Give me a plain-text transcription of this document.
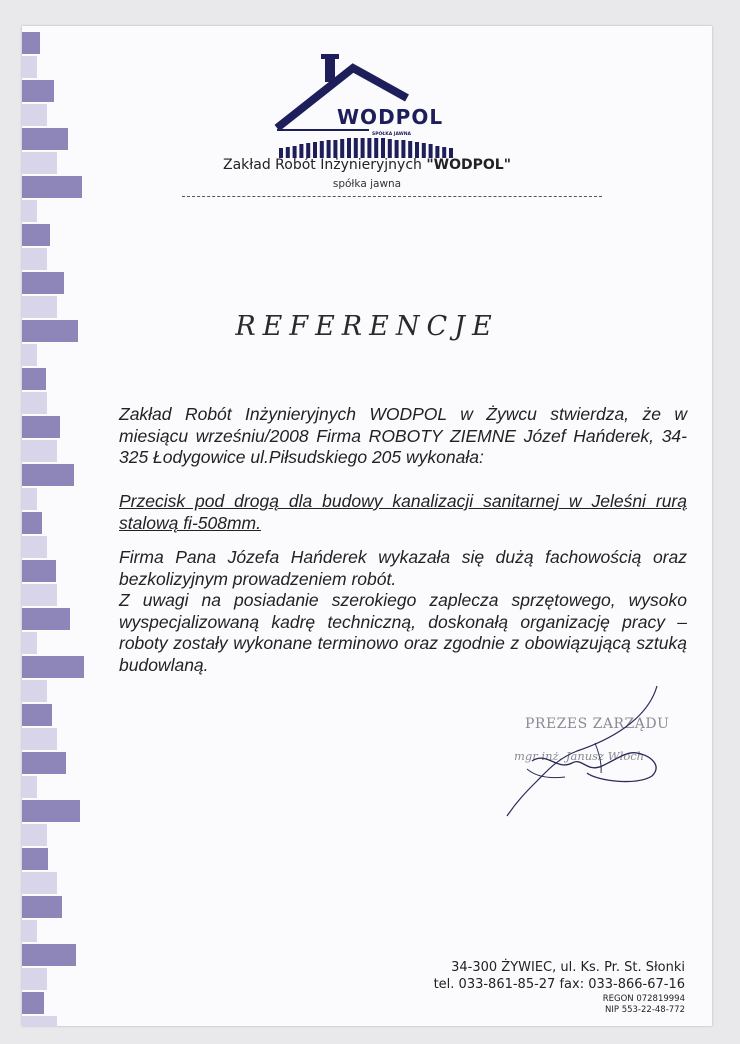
WODPOL
SPÓŁKA JAWNA
Zakład Robót Inżynieryjnych "WODPOL"
spółka jawna
REFERENCJE
Zakład Robót Inżynieryjnych WODPOL w Żywcu stwierdza, że w miesiącu wrześniu/2008 Firma ROBOTY ZIEMNE Józef Hańderek, 34-325 Łodygowice ul.Piłsudskiego 205 wykonała:
Przecisk pod drogą dla budowy kanalizacji sanitarnej w Jeleśni rurą stalową fi-508mm.
Firma Pana Józefa Hańderek wykazała się dużą fachowością oraz bezkolizyjnym prowadzeniem robót.
Z uwagi na posiadanie szerokiego zaplecza sprzętowego, wysoko wyspecjalizowaną kadrę techniczną, doskonałą organizację pracy – roboty zostały wykonane terminowo oraz zgodnie z obowiązującą sztuką budowlaną.
PREZES ZARZĄDU
mgr inż. Janusz Włoch
34-300 ŻYWIEC, ul. Ks. Pr. St. Słonki
tel. 033-861-85-27 fax: 033-866-67-16
REGON 072819994
NIP 553-22-48-772
